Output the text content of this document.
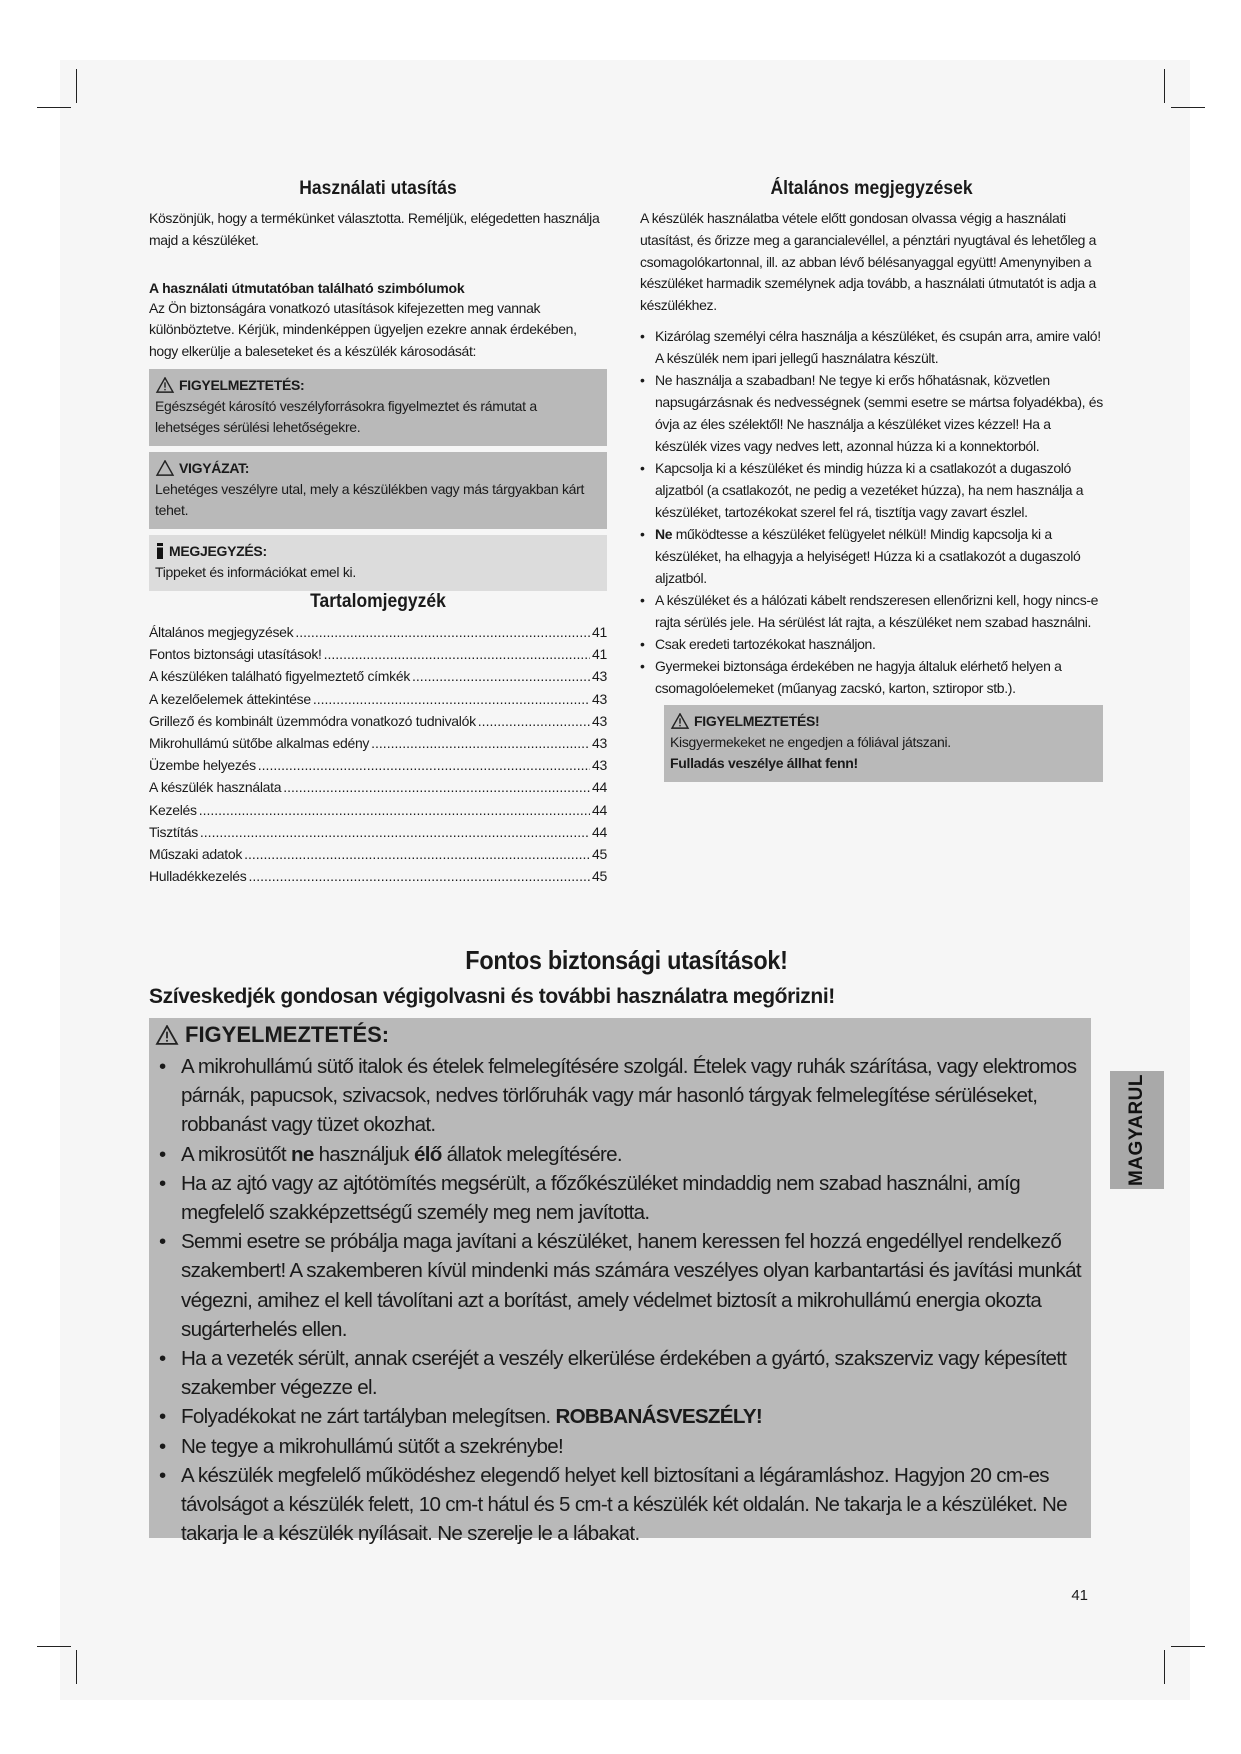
Használati utasítás

Köszönjük, hogy a termékünket választotta. Reméljük, elégedetten használja majd a készüléket.

A használati útmutatóban található szimbólumok

Az Ön biztonságára vonatkozó utasítások kifejezetten meg vannak különböztetve. Kérjük, mindenképpen ügyeljen ezekre annak érdekében, hogy elkerülje a baleseteket és a készülék károsodását:

FIGYELMEZTETÉS:
Egészségét károsító veszélyforrásokra figyelmeztet és rámutat a lehetséges sérülési lehetőségekre.
VIGYÁZAT:
Lehetéges veszélyre utal, mely a készülékben vagy más tárgyakban kárt tehet.
MEGJEGYZÉS:
Tippeket és információkat emel ki.
Tartalomjegyzék
Általános megjegyzések .....	41
Fontos biztonsági utasítások! .....	41
A készüléken található figyelmeztető címkék .....	43
A kezelőelemek áttekintése .....	43
Grillező és kombinált üzemmódra vonatkozó tudnivalók .....	43
Mikrohullámú sütőbe alkalmas edény .....	43
Üzembe helyezés .....	43
A készülék használata .....	44
Kezelés .....	44
Tisztítás .....	44
Műszaki adatok .....	45
Hulladékkezelés .....	45
Általános megjegyzések

A készülék használatba vétele előtt gondosan olvassa végig a használati utasítást, és őrizze meg a garancialevéllel, a pénztári nyugtával és lehetőleg a csomagolókartonnal, ill. az abban lévő bélésanyaggal együtt! Amenynyiben a készüléket harmadik személynek adja tovább, a használati útmutatót is adja a készülékhez.

• Kizárólag személyi célra használja a készüléket, és csupán arra, amire való! A készülék nem ipari jellegű használatra készült.
• Ne használja a szabadban! Ne tegye ki erős hőhatásnak, közvetlen napsugárzásnak és nedvességnek (semmi esetre se mártsa folyadékba), és óvja az éles szélektől! Ne használja a készüléket vizes kézzel! Ha a készülék vizes vagy nedves lett, azonnal húzza ki a konnektorból.
• Kapcsolja ki a készüléket és mindig húzza ki a csatlakozót a dugaszoló aljzatból (a csatlakozót, ne pedig a vezetéket húzza), ha nem használja a készüléket, tartozékokat szerel fel rá, tisztítja vagy zavart észlel.
• Ne működtesse a készüléket felügyelet nélkül! Mindig kapcsolja ki a készüléket, ha elhagyja a helyiséget! Húzza ki a csatlakozót a dugaszoló aljzatból.
• A készüléket és a hálózati kábelt rendszeresen ellenőrizni kell, hogy nincs-e rajta sérülés jele. Ha sérülést lát rajta, a készüléket nem szabad használni.
• Csak eredeti tartozékokat használjon.
• Gyermekei biztonsága érdekében ne hagyja általuk elérhető helyen a csomagolóelemeket (műanyag zacskó, karton, sztiropor stb.).
FIGYELMEZTETÉS!
Kisgyermekeket ne engedjen a fóliával játszani.
Fulladás veszélye állhat fenn!
Fontos biztonsági utasítások!
Szíveskedjék gondosan végigolvasni és további használatra megőrizni!
FIGYELMEZTETÉS:
• A mikrohullámú sütő italok és ételek felmelegítésére szolgál. Ételek vagy ruhák szárítása, vagy elektromos párnák, papucsok, szivacsok, nedves törlőruhák vagy már hasonló tárgyak felmelegítése sérüléseket, robbanást vagy tüzet okozhat.
• A mikrosütőt ne használjuk élő állatok melegítésére.
• Ha az ajtó vagy az ajtótömítés megsérült, a főzőkészüléket mindaddig nem szabad használni, amíg megfelelő szakképzettségű személy meg nem javította.
• Semmi esetre se próbálja maga javítani a készüléket, hanem keressen fel hozzá engedéllyel rendelkező szakembert! A szakemberen kívül mindenki más számára veszélyes olyan karbantartási és javítási munkát végezni, amihez el kell távolítani azt a borítást, amely védelmet biztosít a mikrohullámú energia okozta sugárterhelés ellen.
• Ha a vezeték sérült, annak cseréjét a veszély elkerülése érdekében a gyártó, szakszerviz vagy képesített szakember végezze el.
• Folyadékokat ne zárt tartályban melegítsen. ROBBANÁSVESZÉLY!
• Ne tegye a mikrohullámú sütőt a szekrénybe!
• A készülék megfelelő működéshez elegendő helyet kell biztosítani a légáramláshoz. Hagyjon 20 cm-es távolságot a készülék felett, 10 cm-t hátul és 5 cm-t a készülék két oldalán. Ne takarja le a készüléket. Ne takarja le a készülék nyílásait. Ne szerelje le a lábakat.
MAGYARUL
41
